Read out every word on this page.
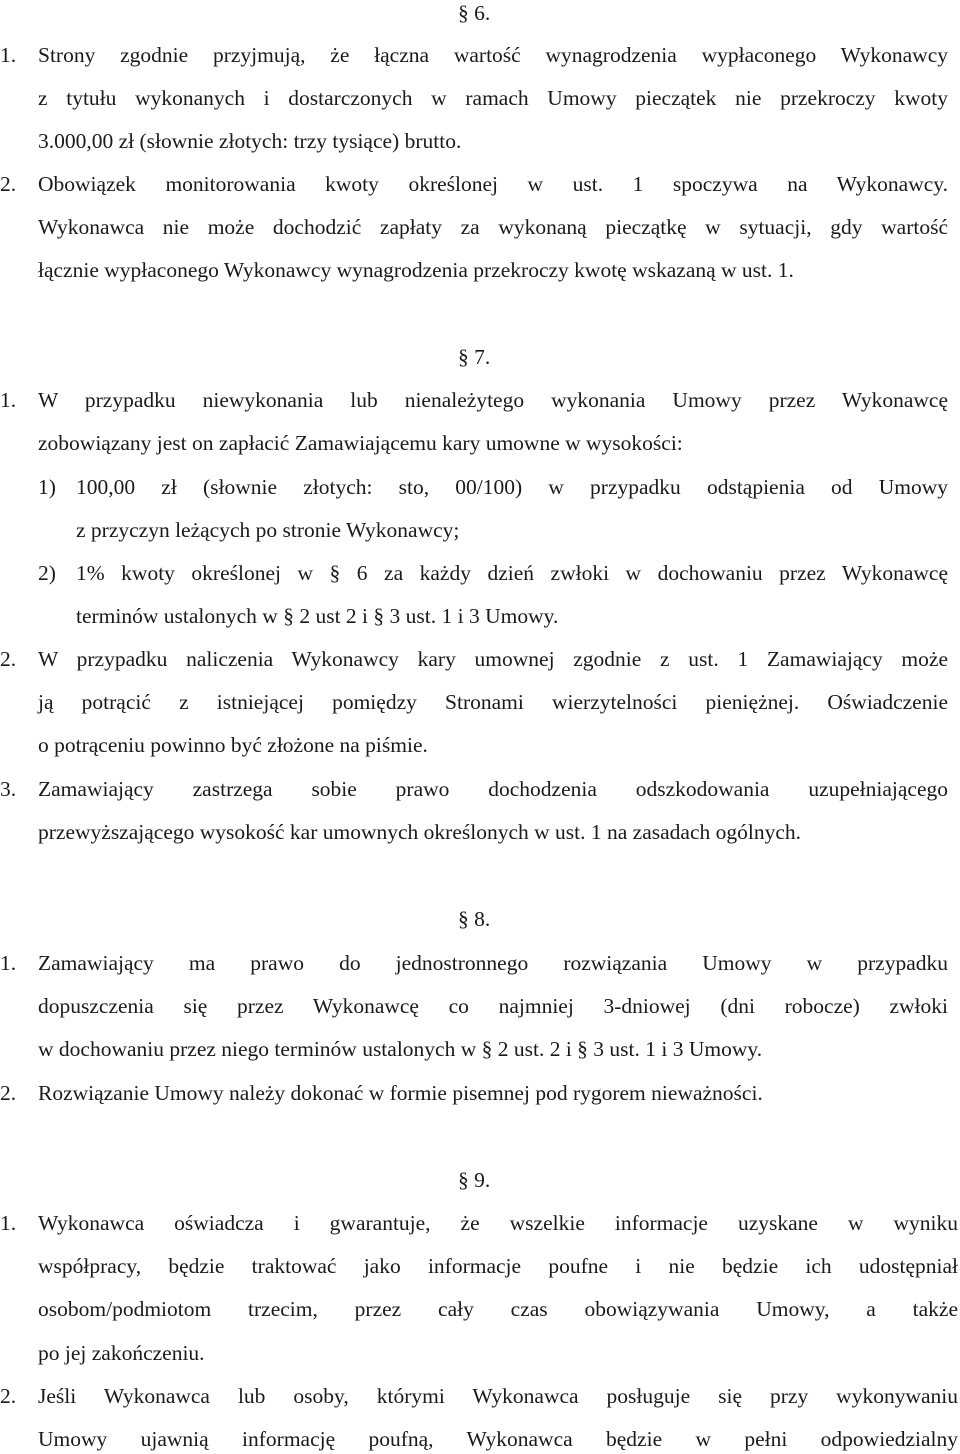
§ 6.
1. Strony zgodnie przyjmują, że łączna wartość wynagrodzenia wypłaconego Wykonawcy
z tytułu wykonanych i dostarczonych w ramach Umowy pieczątek nie przekroczy kwoty
3.000,00 zł (słownie złotych: trzy tysiące) brutto.
2. Obowiązek monitorowania kwoty określonej w ust. 1 spoczywa na Wykonawcy.
Wykonawca nie może dochodzić zapłaty za wykonaną pieczątkę w sytuacji, gdy wartość
łącznie wypłaconego Wykonawcy wynagrodzenia przekroczy kwotę wskazaną w ust. 1.
§ 7.
1. W przypadku niewykonania lub nienależytego wykonania Umowy przez Wykonawcę
zobowiązany jest on zapłacić Zamawiającemu kary umowne w wysokości:
1) 100,00 zł (słownie złotych: sto, 00/100) w przypadku odstąpienia od Umowy
z przyczyn leżących po stronie Wykonawcy;
2) 1% kwoty określonej w § 6 za każdy dzień zwłoki w dochowaniu przez Wykonawcę
terminów ustalonych w § 2 ust 2 i § 3 ust. 1 i 3 Umowy.
2. W przypadku naliczenia Wykonawcy kary umownej zgodnie z ust. 1 Zamawiający może
ją potrącić z istniejącej pomiędzy Stronami wierzytelności pieniężnej. Oświadczenie
o potrąceniu powinno być złożone na piśmie.
3. Zamawiający zastrzega sobie prawo dochodzenia odszkodowania uzupełniającego
przewyższającego wysokość kar umownych określonych w ust. 1 na zasadach ogólnych.
§ 8.
1. Zamawiający ma prawo do jednostronnego rozwiązania Umowy w przypadku
dopuszczenia się przez Wykonawcę co najmniej 3-dniowej (dni robocze) zwłoki
w dochowaniu przez niego terminów ustalonych w § 2 ust. 2 i § 3 ust. 1 i 3 Umowy.
2. Rozwiązanie Umowy należy dokonać w formie pisemnej pod rygorem nieważności.
§ 9.
1. Wykonawca oświadcza i gwarantuje, że wszelkie informacje uzyskane w wyniku
współpracy, będzie traktować jako informacje poufne i nie będzie ich udostępniał
osobom/podmiotom trzecim, przez cały czas obowiązywania Umowy, a także
po jej zakończeniu.
2. Jeśli Wykonawca lub osoby, którymi Wykonawca posługuje się przy wykonywaniu
Umowy ujawnią informację poufną, Wykonawca będzie w pełni odpowiedzialny
